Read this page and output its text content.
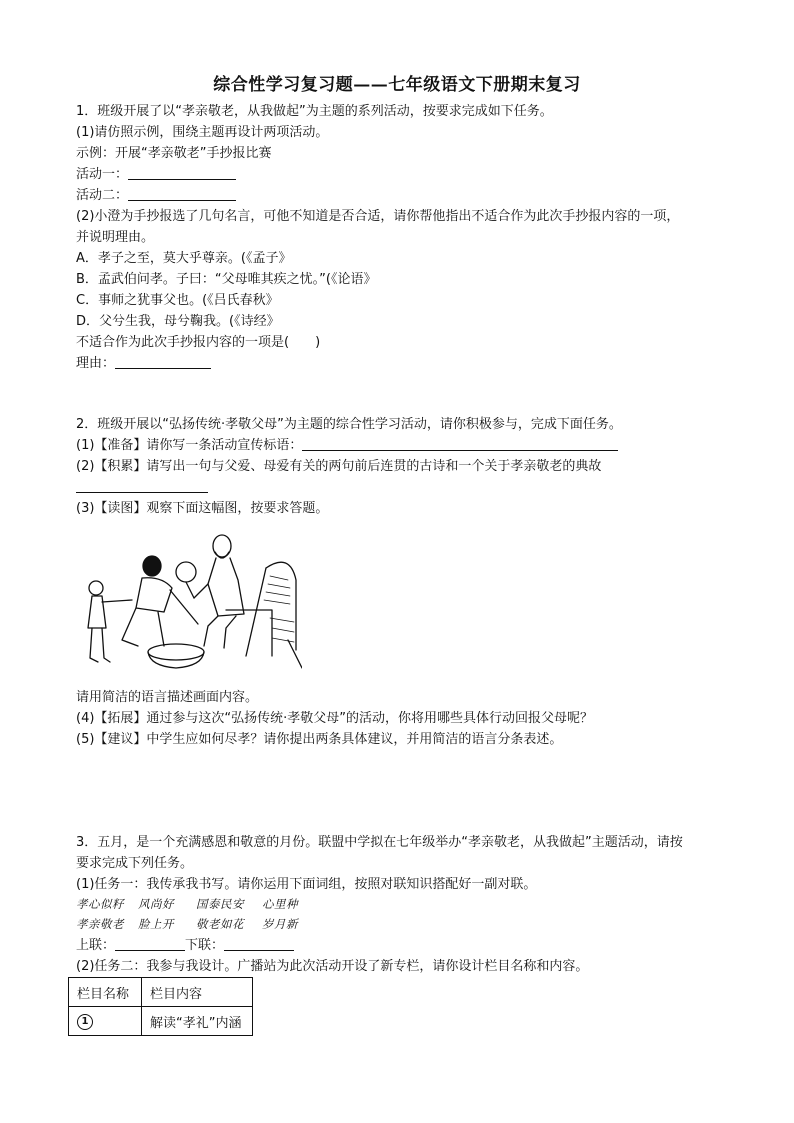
综合性学习复习题——七年级语文下册期末复习
1．班级开展了以“孝亲敬老，从我做起”为主题的系列活动，按要求完成如下任务。
(1)请仿照示例，围绕主题再设计两项活动。
示例：开展“孝亲敬老”手抄报比赛
活动一：
活动二：
(2)小澄为手抄报选了几句名言，可他不知道是否合适，请你帮他指出不适合作为此次手抄报内容的一项，
并说明理由。
A．孝子之至，莫大乎尊亲。(《孟子》
B．孟武伯问孝。子曰：“父母唯其疾之忧。”(《论语》
C．事师之犹事父也。(《吕氏春秋》
D．父兮生我，母兮鞠我。(《诗经》
不适合作为此次手抄报内容的一项是(　　)
理由：
2．班级开展以“弘扬传统·孝敬父母”为主题的综合性学习活动，请你积极参与，完成下面任务。
(1)【准备】请你写一条活动宣传标语：
(2)【积累】请写出一句与父爱、母爱有关的两句前后连贯的古诗和一个关于孝亲敬老的典故
(3)【读图】观察下面这幅图，按要求答题。
请用简洁的语言描述画面内容。
(4)【拓展】通过参与这次“弘扬传统·孝敬父母”的活动，你将用哪些具体行动回报父母呢？
(5)【建议】中学生应如何尽孝？请你提出两条具体建议，并用简洁的语言分条表述。
3．五月，是一个充满感恩和敬意的月份。联盟中学拟在七年级举办“孝亲敬老，从我做起”主题活动，请按
要求完成下列任务。
(1)任务一：我传承我书写。请你运用下面词组，按照对联知识搭配好一副对联。
孝心似籽 风尚好 国泰民安 心里种
孝亲敬老 脸上开 敬老如花 岁月新
上联：	下联：
(2)任务二：我参与我设计。广播站为此次活动开设了新专栏，请你设计栏目名称和内容。
栏目名称	栏目内容
1	解读“孝礼”内涵
